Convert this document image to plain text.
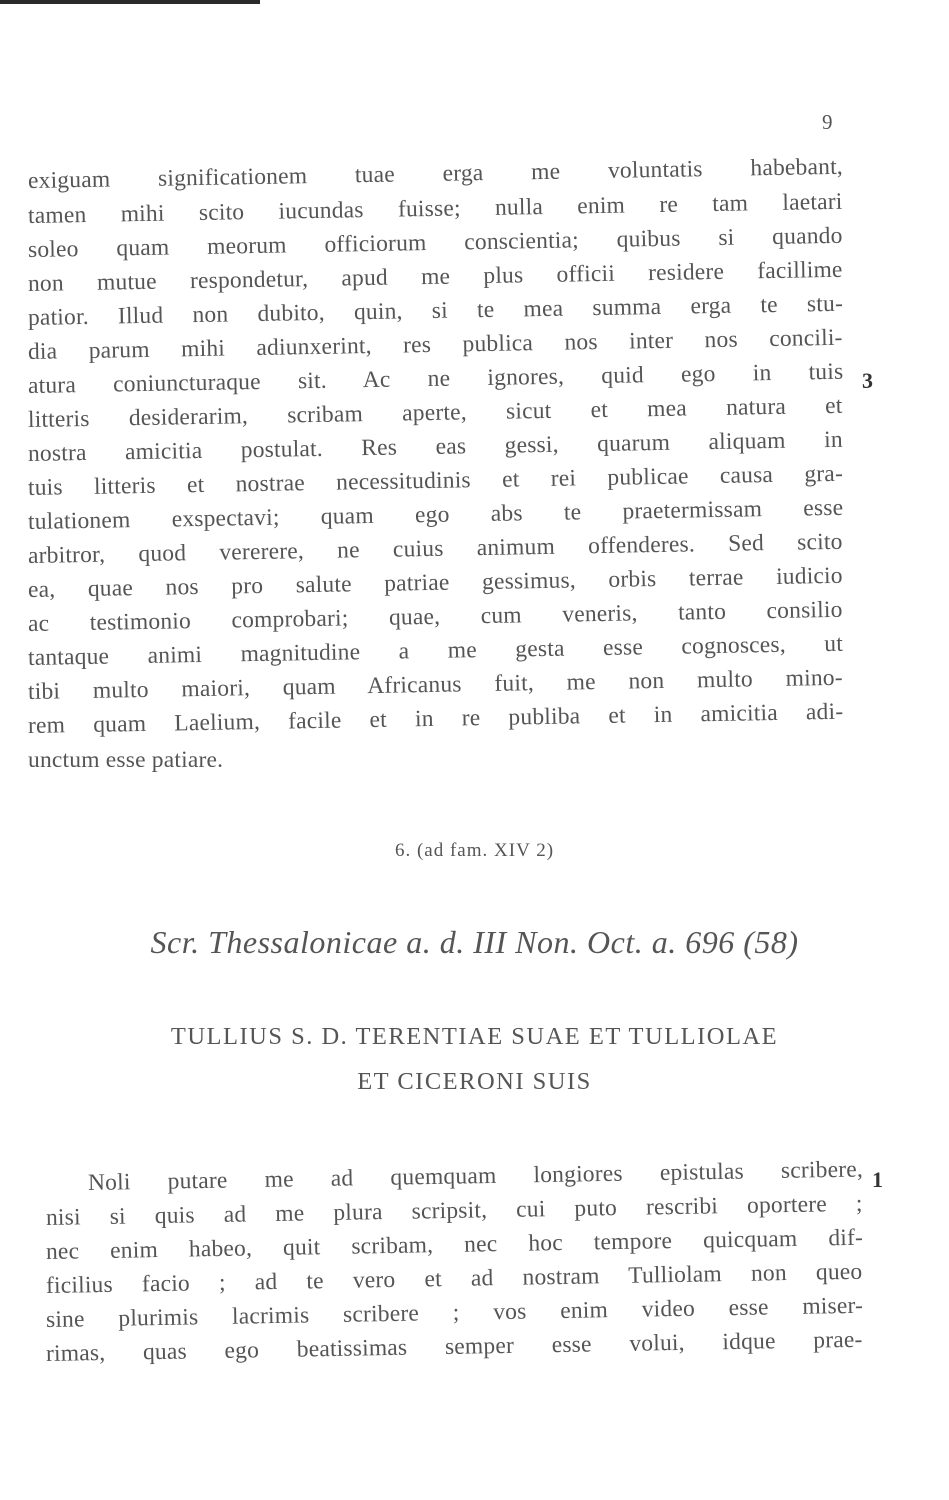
9
exiguam significationem tuae erga me voluntatis habebant,
tamen mihi scito iucundas fuisse; nulla enim re tam laetari
soleo quam meorum officiorum conscientia; quibus si quando
non mutue respondetur, apud me plus officii residere facillime
patior. Illud non dubito, quin, si te mea summa erga te stu-
dia parum mihi adiunxerint, res publica nos inter nos concili-
atura coniuncturaque sit. Ac ne ignores, quid ego in tuis
litteris desiderarim, scribam aperte, sicut et mea natura et
nostra amicitia postulat. Res eas gessi, quarum aliquam in
tuis litteris et nostrae necessitudinis et rei publicae causa gra-
tulationem exspectavi; quam ego abs te praetermissam esse
arbitror, quod vererere, ne cuius animum offenderes. Sed scito
ea, quae nos pro salute patriae gessimus, orbis terrae iudicio
ac testimonio comprobari; quae, cum veneris, tanto consilio
tantaque animi magnitudine a me gesta esse cognosces, ut
tibi multo maiori, quam Africanus fuit, me non multo mino-
rem quam Laelium, facile et in re publiba et in amicitia adi-
unctum esse patiare.
3
6. (ad fam. XIV 2)
Scr. Thessalonicae a. d. III Non. Oct. a. 696 (58)
TULLIUS S. D. TERENTIAE SUAE ET TULLIOLAE
ET CICERONI SUIS
Noli putare me ad quemquam longiores epistulas scribere,
nisi si quis ad me plura scripsit, cui puto rescribi oportere ;
nec enim habeo, quit scribam, nec hoc tempore quicquam dif-
ficilius facio ; ad te vero et ad nostram Tulliolam non queo
sine plurimis lacrimis scribere ; vos enim video esse miser-
rimas, quas ego beatissimas semper esse volui, idque prae-
1
